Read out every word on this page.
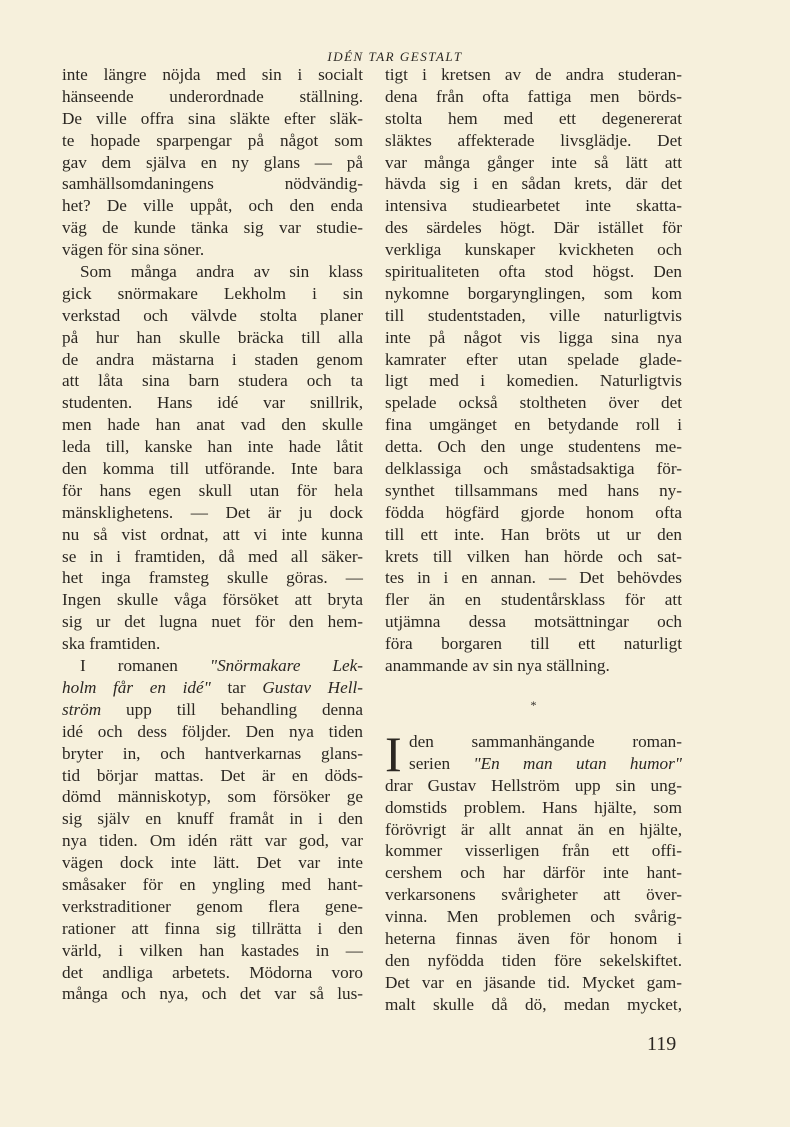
IDÉN TAR GESTALT
inte längre nöjda med sin i socialt
hänseende underordnade ställning.
De ville offra sina släkte efter släk-
te hopade sparpengar på något som
gav dem själva en ny glans — på
samhällsomdaningens nödvändig-
het? De ville uppåt, och den enda
väg de kunde tänka sig var studie-
vägen för sina söner.
Som många andra av sin klass
gick snörmakare Lekholm i sin
verkstad och välvde stolta planer
på hur han skulle bräcka till alla
de andra mästarna i staden genom
att låta sina barn studera och ta
studenten. Hans idé var snillrik,
men hade han anat vad den skulle
leda till, kanske han inte hade låtit
den komma till utförande. Inte bara
för hans egen skull utan för hela
mänsklighetens. — Det är ju dock
nu så vist ordnat, att vi inte kunna
se in i framtiden, då med all säker-
het inga framsteg skulle göras. —
Ingen skulle våga försöket att bryta
sig ur det lugna nuet för den hem-
ska framtiden.
I romanen "Snörmakare Lek-
holm får en idé" tar Gustav Hell-
ström upp till behandling denna
idé och dess följder. Den nya tiden
bryter in, och hantverkarnas glans-
tid börjar mattas. Det är en döds-
dömd människotyp, som försöker ge
sig själv en knuff framåt in i den
nya tiden. Om idén rätt var god, var
vägen dock inte lätt. Det var inte
småsaker för en yngling med hant-
verkstraditioner genom flera gene-
rationer att finna sig tillrätta i den
värld, i vilken han kastades in —
det andliga arbetets. Mödorna voro
många och nya, och det var så lus-
tigt i kretsen av de andra studeran-
dena från ofta fattiga men börds-
stolta hem med ett degenererat
släktes affekterade livsglädje. Det
var många gånger inte så lätt att
hävda sig i en sådan krets, där det
intensiva studiearbetet inte skatta-
des särdeles högt. Där istället för
verkliga kunskaper kvickheten och
spiritualiteten ofta stod högst. Den
nykomne borgarynglingen, som kom
till studentstaden, ville naturligtvis
inte på något vis ligga sina nya
kamrater efter utan spelade glade-
ligt med i komedien. Naturligtvis
spelade också stoltheten över det
fina umgänget en betydande roll i
detta. Och den unge studentens me-
delklassiga och småstadsaktiga för-
synthet tillsammans med hans ny-
födda högfärd gjorde honom ofta
till ett inte. Han bröts ut ur den
krets till vilken han hörde och sat-
tes in i en annan. — Det behövdes
fler än en studentårsklass för att
utjämna dessa motsättningar och
föra borgaren till ett naturligt
anammande av sin nya ställning.
*
I den sammanhängande roman-
serien "En man utan humor"
drar Gustav Hellström upp sin ung-
domstids problem. Hans hjälte, som
förövrigt är allt annat än en hjälte,
kommer visserligen från ett offi-
cershem och har därför inte hant-
verkarsonens svårigheter att över-
vinna. Men problemen och svårig-
heterna finnas även för honom i
den nyfödda tiden före sekelskiftet.
Det var en jäsande tid. Mycket gam-
malt skulle då dö, medan mycket,
119
